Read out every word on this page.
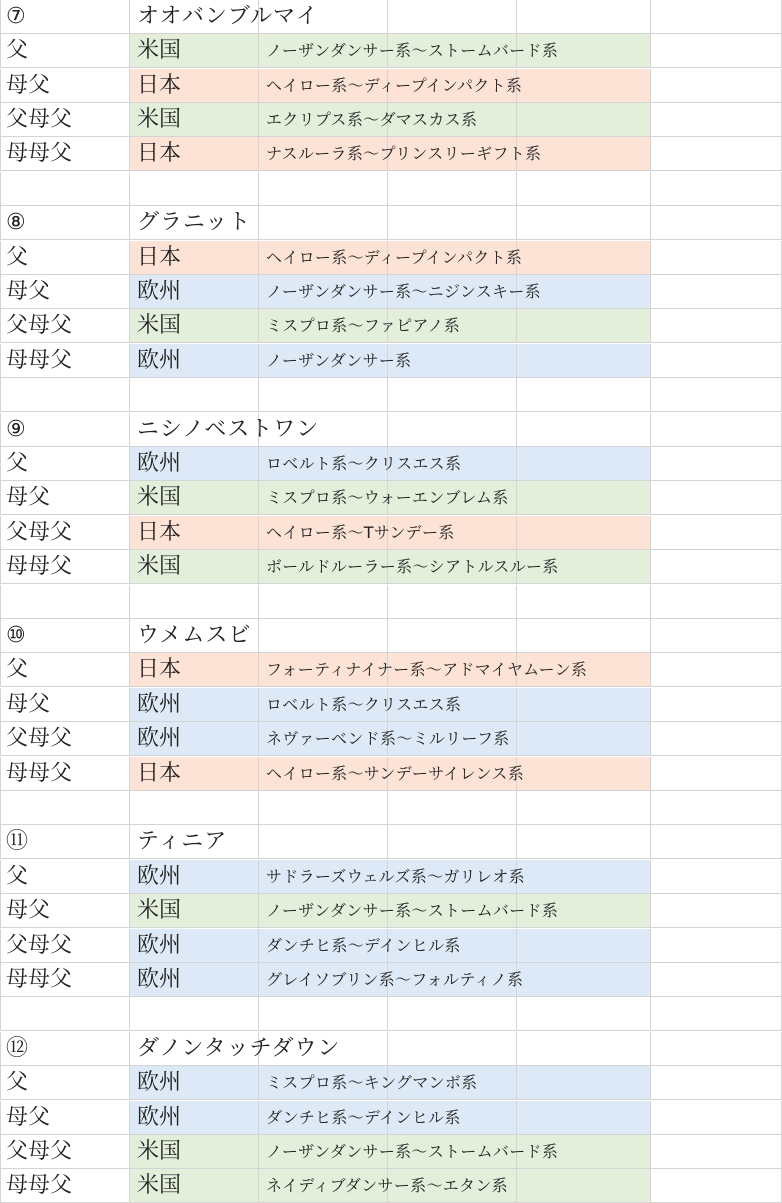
⑦	オオバンブルマイ
父	米国	ノーザンダンサー系～ストームバード系
母父	日本	ヘイロー系～ディープインパクト系
父母父	米国	エクリプス系～ダマスカス系
母母父	日本	ナスルーラ系～プリンスリーギフト系
⑧	グラニット
父	日本	ヘイロー系～ディープインパクト系
母父	欧州	ノーザンダンサー系～ニジンスキー系
父母父	米国	ミスプロ系～ファピアノ系
母母父	欧州	ノーザンダンサー系
⑨	ニシノベストワン
父	欧州	ロベルト系～クリスエス系
母父	米国	ミスプロ系～ウォーエンブレム系
父母父	日本	ヘイロー系～Tサンデー系
母母父	米国	ボールドルーラー系～シアトルスルー系
⑩	ウメムスビ
父	日本	フォーティナイナー系～アドマイヤムーン系
母父	欧州	ロベルト系～クリスエス系
父母父	欧州	ネヴァーベンド系～ミルリーフ系
母母父	日本	ヘイロー系～サンデーサイレンス系
⑪	ティニア
父	欧州	サドラーズウェルズ系～ガリレオ系
母父	米国	ノーザンダンサー系～ストームバード系
父母父	欧州	ダンチヒ系～デインヒル系
母母父	欧州	グレイソブリン系～フォルティノ系
⑫	ダノンタッチダウン
父	欧州	ミスプロ系～キングマンボ系
母父	欧州	ダンチヒ系～デインヒル系
父母父	米国	ノーザンダンサー系～ストームバード系
母母父	米国	ネイディブダンサー系～エタン系
